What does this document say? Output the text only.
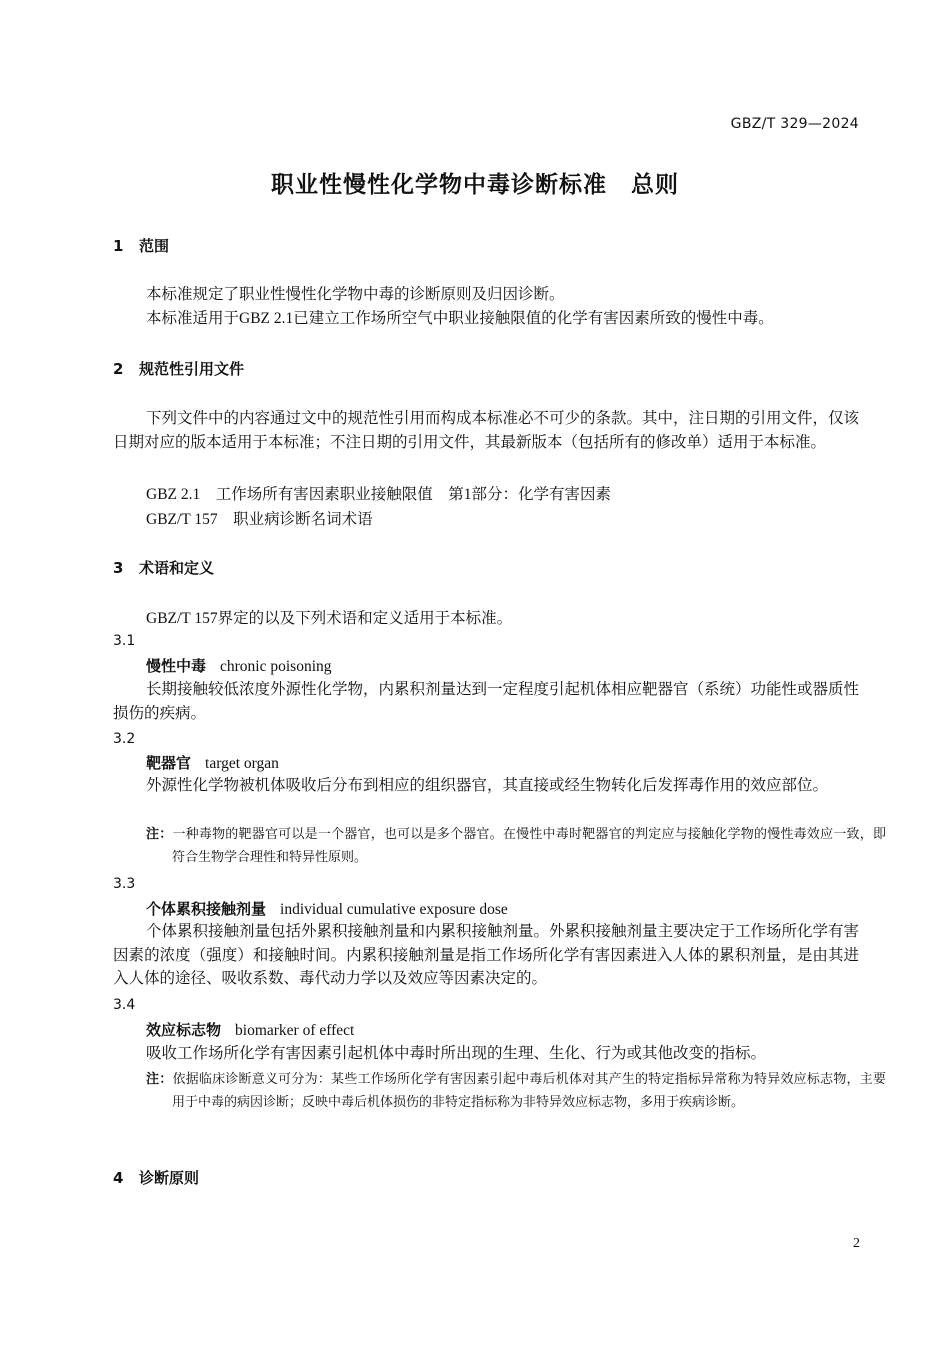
GBZ/T 329—2024
职业性慢性化学物中毒诊断标准　总则
1 范围

本标准规定了职业性慢性化学物中毒的诊断原则及归因诊断。

本标准适用于GBZ 2.1已建立工作场所空气中职业接触限值的化学有害因素所致的慢性中毒。

2 规范性引用文件

下列文件中的内容通过文中的规范性引用而构成本标准必不可少的条款。其中，注日期的引用文件，仅该日期对应的版本适用于本标准；不注日期的引用文件，其最新版本（包括所有的修改单）适用于本标准。

GBZ 2.1　工作场所有害因素职业接触限值　第1部分：化学有害因素
GBZ/T 157　职业病诊断名词术语
3 术语和定义
GBZ/T 157界定的以及下列术语和定义适用于本标准。
3.1
慢性中毒 chronic poisoning

长期接触较低浓度外源性化学物，内累积剂量达到一定程度引起机体相应靶器官（系统）功能性或器质性损伤的疾病。

3.2
靶器官 target organ

外源性化学物被机体吸收后分布到相应的组织器官，其直接或经生物转化后发挥毒作用的效应部位。

注：一种毒物的靶器官可以是一个器官，也可以是多个器官。在慢性中毒时靶器官的判定应与接触化学物的慢性毒效应一致，即符合生物学合理性和特异性原则。

3.3
个体累积接触剂量 individual cumulative exposure dose

个体累积接触剂量包括外累积接触剂量和内累积接触剂量。外累积接触剂量主要决定于工作场所化学有害因素的浓度（强度）和接触时间。内累积接触剂量是指工作场所化学有害因素进入人体的累积剂量，是由其进入人体的途径、吸收系数、毒代动力学以及效应等因素决定的。

3.4
效应标志物 biomarker of effect

吸收工作场所化学有害因素引起机体中毒时所出现的生理、生化、行为或其他改变的指标。

注：依据临床诊断意义可分为：某些工作场所化学有害因素引起中毒后机体对其产生的特定指标异常称为特异效应标志物，主要用于中毒的病因诊断；反映中毒后机体损伤的非特定指标称为非特异效应标志物，多用于疾病诊断。

4 诊断原则
2
